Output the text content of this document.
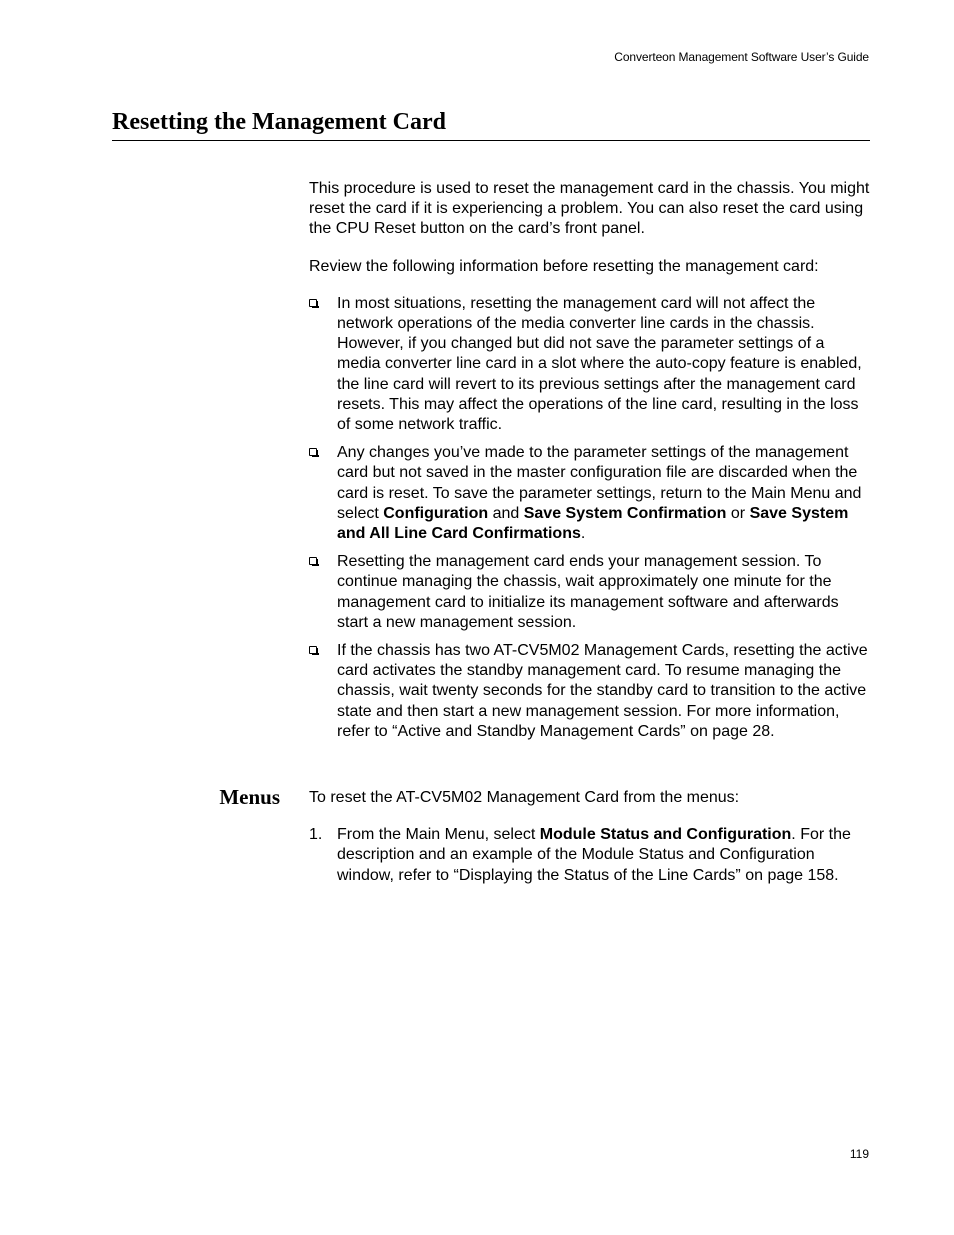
Converteon Management Software User’s Guide
Resetting the Management Card

This procedure is used to reset the management card in the chassis. You might reset the card if it is experiencing a problem. You can also reset the card using the CPU Reset button on the card’s front panel.

Review the following information before resetting the management card:

In most situations, resetting the management card will not affect the network operations of the media converter line cards in the chassis. However, if you changed but did not save the parameter settings of a media converter line card in a slot where the auto-copy feature is enabled, the line card will revert to its previous settings after the management card resets. This may affect the operations of the line card, resulting in the loss of some network traffic.
Any changes you’ve made to the parameter settings of the management card but not saved in the master configuration file are discarded when the card is reset. To save the parameter settings, return to the Main Menu and select Configuration and Save System Confirmation or Save System and All Line Card Confirmations.
Resetting the management card ends your management session. To continue managing the chassis, wait approximately one minute for the management card to initialize its management software and afterwards start a new management session.
If the chassis has two AT-CV5M02 Management Cards, resetting the active card activates the standby management card. To resume managing the chassis, wait twenty seconds for the standby card to transition to the active state and then start a new management session. For more information, refer to “Active and Standby Management Cards” on page 28.
Menus To reset the AT-CV5M02 Management Card from the menus:

1. From the Main Menu, select Module Status and Configuration. For the description and an example of the Module Status and Configuration window, refer to “Displaying the Status of the Line Cards” on page 158.
119
